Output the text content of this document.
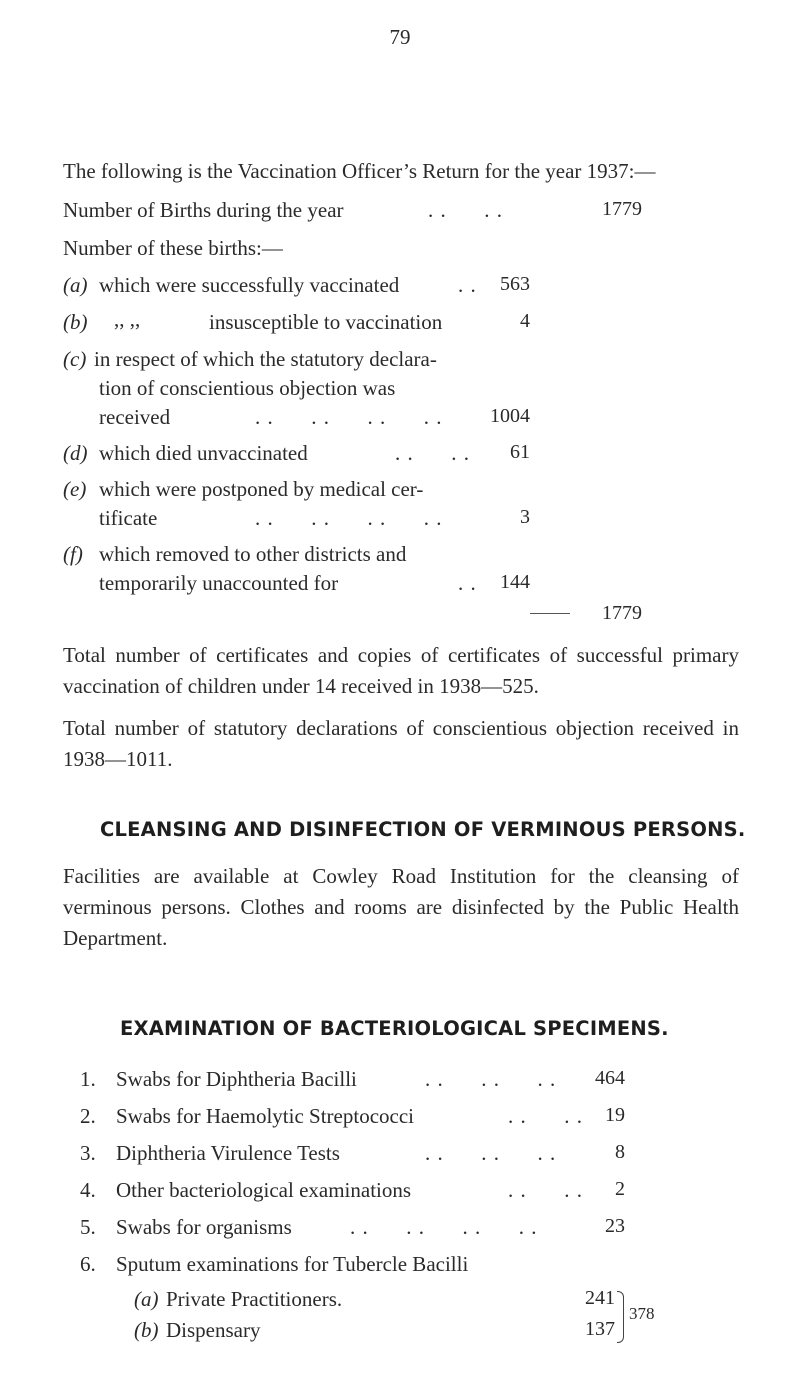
79
The following is the Vaccination Officer’s Return for the year 1937:—
Number of Births during the year	. .      . .	1779
Number of these births:—
(a) which were successfully vaccinated	. .	563
(b) ,, ,,	insusceptible to vaccination	4
(c) in respect of which the statutory declara-
tion of conscientious objection was
received	. .      . .      . .      . .	1004
(d) which died unvaccinated	. .      . .	61
(e) which were postponed by medical cer-
tificate	. .      . .      . .      . .	3
(f) which removed to other districts and
temporarily unaccounted for	. .	144
1779
Total number of certificates and copies of certificates of successful primary vaccination of children under 14 received in 1938—525.
Total number of statutory declarations of conscientious objection received in 1938—1011.
CLEANSING AND DISINFECTION OF VERMINOUS PERSONS.
Facilities are available at Cowley Road Institution for the cleansing of verminous persons. Clothes and rooms are disinfected by the Public Health Department.
EXAMINATION OF BACTERIOLOGICAL SPECIMENS.
1. Swabs for Diphtheria Bacilli	. .      . .      . .	464
2. Swabs for Haemolytic Streptococci	. .      . .	19
3. Diphtheria Virulence Tests	. .      . .      . .	8
4. Other bacteriological examinations	. .      . .	2
5. Swabs for organisms	. .      . .      . .      . .	23
6. Sputum examinations for Tubercle Bacilli
(a) Private Practitioners.	241
(b) Dispensary	137
378
